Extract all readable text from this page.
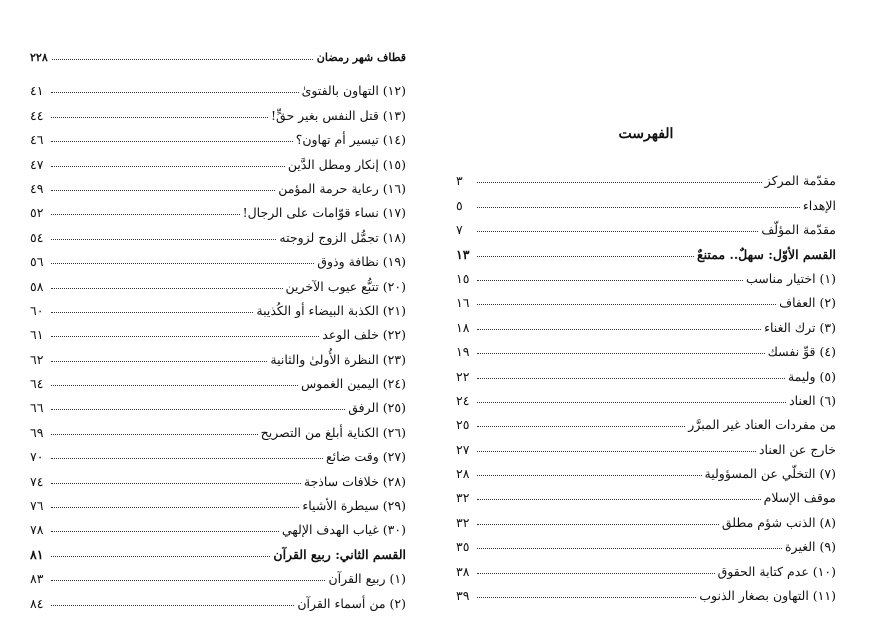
قطاف شهر رمضان
٢٢٨
(١٢) التهاون بالفتوىٰ
٤١
(١٣) قتل النفس بغير حقٍّ!
٤٤
(١٤) تيسير أم تهاون؟
٤٦
(١٥) إنكار ومطل الدَّين
٤٧
(١٦) رعاية حرمة المؤمن
٤٩
(١٧) نساء قوّامات على الرجال!
٥٢
(١٨) تجمُّل الزوج لزوجته
٥٤
(١٩) نظافة وذوق
٥٦
(٢٠) تتبُّع عيوب الآخرين
٥٨
(٢١) الكذبة البيضاء أو الكُذيبة
٦٠
(٢٢) خلف الوعد
٦١
(٢٣) النظرة الأُولىٰ والثانية
٦٢
(٢٤) اليمين الغموس
٦٤
(٢٥) الرفق
٦٦
(٢٦) الكناية أبلغ من التصريح
٦٩
(٢٧) وقت ضائع
٧٠
(٢٨) خلافات ساذجة
٧٤
(٢٩) سيطرة الأشياء
٧٦
(٣٠) غياب الهدف الإلهي
٧٨
القسم الثاني: ربيع القرآن
٨١
(١) ربيع القرآن
٨٣
(٢) من أسماء القرآن
٨٤
الفهرست
مقدّمة المركز
٣
الإهداء
٥
مقدّمة المؤلّف
٧
القسم الأوّل: سهلٌ.. ممتنعٌ
١٣
(١) اختيار مناسب
١٥
(٢) العفاف
١٦
(٣) ترك الغناء
١٨
(٤) قوِّ نفسك
١٩
(٥) وليمة
٢٢
(٦) العناد
٢٤
من مفردات العناد غير المبرَّر
٢٥
خارج عن العناد
٢٧
(٧) التخلّي عن المسؤولية
٢٨
موقف الإسلام
٣٢
(٨) الذنب شؤم مطلق
٣٢
(٩) الغيرة
٣٥
(١٠) عدم كتابة الحقوق
٣٨
(١١) التهاون بصغار الذنوب
٣٩
